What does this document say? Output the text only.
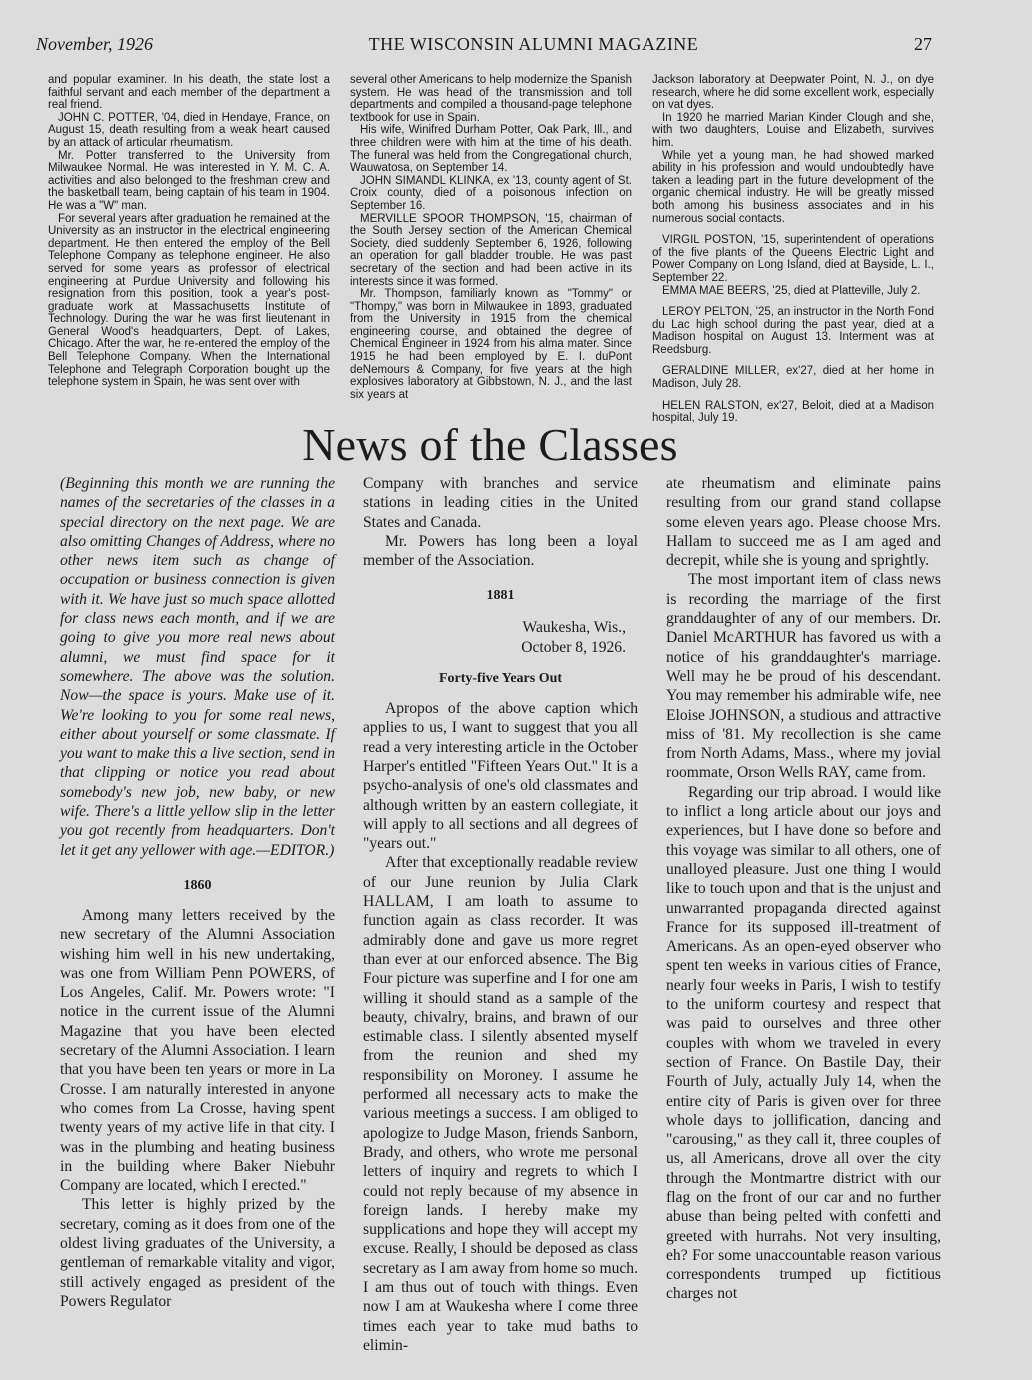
November, 1926	THE WISCONSIN ALUMNI MAGAZINE	27

and popular examiner. In his death, the state lost a faithful servant and each member of the department a real friend.

JOHN C. POTTER, '04, died in Hendaye, France, on August 15, death resulting from a weak heart caused by an attack of articular rheumatism.

Mr. Potter transferred to the University from Milwaukee Normal. He was interested in Y. M. C. A. activities and also belonged to the freshman crew and the basketball team, being captain of his team in 1904. He was a "W" man.

For several years after graduation he remained at the University as an instructor in the electrical engineering department. He then entered the employ of the Bell Telephone Company as telephone engineer. He also served for some years as professor of electrical engineering at Purdue University and following his resignation from this position, took a year's post-graduate work at Massachusetts Institute of Technology. During the war he was first lieutenant in General Wood's headquarters, Dept. of Lakes, Chicago. After the war, he re-entered the employ of the Bell Telephone Company. When the International Telephone and Telegraph Corporation bought up the telephone system in Spain, he was sent over with

several other Americans to help modernize the Spanish system. He was head of the transmission and toll departments and compiled a thousand-page telephone textbook for use in Spain.

His wife, Winifred Durham Potter, Oak Park, Ill., and three children were with him at the time of his death. The funeral was held from the Congregational church, Wauwatosa, on September 14.

JOHN SIMANDL KLINKA, ex '13, county agent of St. Croix county, died of a poisonous infection on September 16.

MERVILLE SPOOR THOMPSON, '15, chairman of the South Jersey section of the American Chemical Society, died suddenly September 6, 1926, following an operation for gall bladder trouble. He was past secretary of the section and had been active in its interests since it was formed.

Mr. Thompson, familiarly known as "Tommy" or "Thompy," was born in Milwaukee in 1893, graduated from the University in 1915 from the chemical engineering course, and obtained the degree of Chemical Engineer in 1924 from his alma mater. Since 1915 he had been employed by E. I. duPont deNemours & Company, for five years at the high explosives laboratory at Gibbstown, N. J., and the last six years at

Jackson laboratory at Deepwater Point, N. J., on dye research, where he did some excellent work, especially on vat dyes.

In 1920 he married Marian Kinder Clough and she, with two daughters, Louise and Elizabeth, survives him.

While yet a young man, he had showed marked ability in his profession and would undoubtedly have taken a leading part in the future development of the organic chemical industry. He will be greatly missed both among his business associates and in his numerous social contacts.

VIRGIL POSTON, '15, superintendent of operations of the five plants of the Queens Electric Light and Power Company on Long Island, died at Bayside, L. I., September 22.

EMMA MAE BEERS, '25, died at Platteville, July 2.

LEROY PELTON, '25, an instructor in the North Fond du Lac high school during the past year, died at a Madison hospital on August 13. Interment was at Reedsburg.

GERALDINE MILLER, ex'27, died at her home in Madison, July 28.

HELEN RALSTON, ex'27, Beloit, died at a Madison hospital, July 19.

News of the Classes

(Beginning this month we are running the names of the secretaries of the classes in a special directory on the next page. We are also omitting Changes of Address, where no other news item such as change of occupation or business connection is given with it. We have just so much space allotted for class news each month, and if we are going to give you more real news about alumni, we must find space for it somewhere. The above was the solution. Now—the space is yours. Make use of it. We're looking to you for some real news, either about yourself or some classmate. If you want to make this a live section, send in that clipping or notice you read about somebody's new job, new baby, or new wife. There's a little yellow slip in the letter you got recently from headquarters. Don't let it get any yellower with age.—EDITOR.)

1860

Among many letters received by the new secretary of the Alumni Association wishing him well in his new undertaking, was one from William Penn POWERS, of Los Angeles, Calif. Mr. Powers wrote: "I notice in the current issue of the Alumni Magazine that you have been elected secretary of the Alumni Association. I learn that you have been ten years or more in La Crosse. I am naturally interested in anyone who comes from La Crosse, having spent twenty years of my active life in that city. I was in the plumbing and heating business in the building where Baker Niebuhr Company are located, which I erected."

This letter is highly prized by the secretary, coming as it does from one of the oldest living graduates of the University, a gentleman of remarkable vitality and vigor, still actively engaged as president of the Powers Regulator

Company with branches and service stations in leading cities in the United States and Canada.

Mr. Powers has long been a loyal member of the Association.

1881
Waukesha, Wis.,
October 8, 1926.
Forty-five Years Out

Apropos of the above caption which applies to us, I want to suggest that you all read a very interesting article in the October Harper's entitled "Fifteen Years Out." It is a psycho-analysis of one's old classmates and although written by an eastern collegiate, it will apply to all sections and all degrees of "years out."

After that exceptionally readable review of our June reunion by Julia Clark HALLAM, I am loath to assume to function again as class recorder. It was admirably done and gave us more regret than ever at our enforced absence. The Big Four picture was superfine and I for one am willing it should stand as a sample of the beauty, chivalry, brains, and brawn of our estimable class. I silently absented myself from the reunion and shed my responsibility on Moroney. I assume he performed all necessary acts to make the various meetings a success. I am obliged to apologize to Judge Mason, friends Sanborn, Brady, and others, who wrote me personal letters of inquiry and regrets to which I could not reply because of my absence in foreign lands. I hereby make my supplications and hope they will accept my excuse. Really, I should be deposed as class secretary as I am away from home so much. I am thus out of touch with things. Even now I am at Waukesha where I come three times each year to take mud baths to elimin-

ate rheumatism and eliminate pains resulting from our grand stand collapse some eleven years ago. Please choose Mrs. Hallam to succeed me as I am aged and decrepit, while she is young and sprightly.

The most important item of class news is recording the marriage of the first granddaughter of any of our members. Dr. Daniel McARTHUR has favored us with a notice of his granddaughter's marriage. Well may he be proud of his descendant. You may remember his admirable wife, nee Eloise JOHNSON, a studious and attractive miss of '81. My recollection is she came from North Adams, Mass., where my jovial roommate, Orson Wells RAY, came from.

Regarding our trip abroad. I would like to inflict a long article about our joys and experiences, but I have done so before and this voyage was similar to all others, one of unalloyed pleasure. Just one thing I would like to touch upon and that is the unjust and unwarranted propaganda directed against France for its supposed ill-treatment of Americans. As an open-eyed observer who spent ten weeks in various cities of France, nearly four weeks in Paris, I wish to testify to the uniform courtesy and respect that was paid to ourselves and three other couples with whom we traveled in every section of France. On Bastile Day, their Fourth of July, actually July 14, when the entire city of Paris is given over for three whole days to jollification, dancing and "carousing," as they call it, three couples of us, all Americans, drove all over the city through the Montmartre district with our flag on the front of our car and no further abuse than being pelted with confetti and greeted with hurrahs. Not very insulting, eh? For some unaccountable reason various correspondents trumped up fictitious charges not
